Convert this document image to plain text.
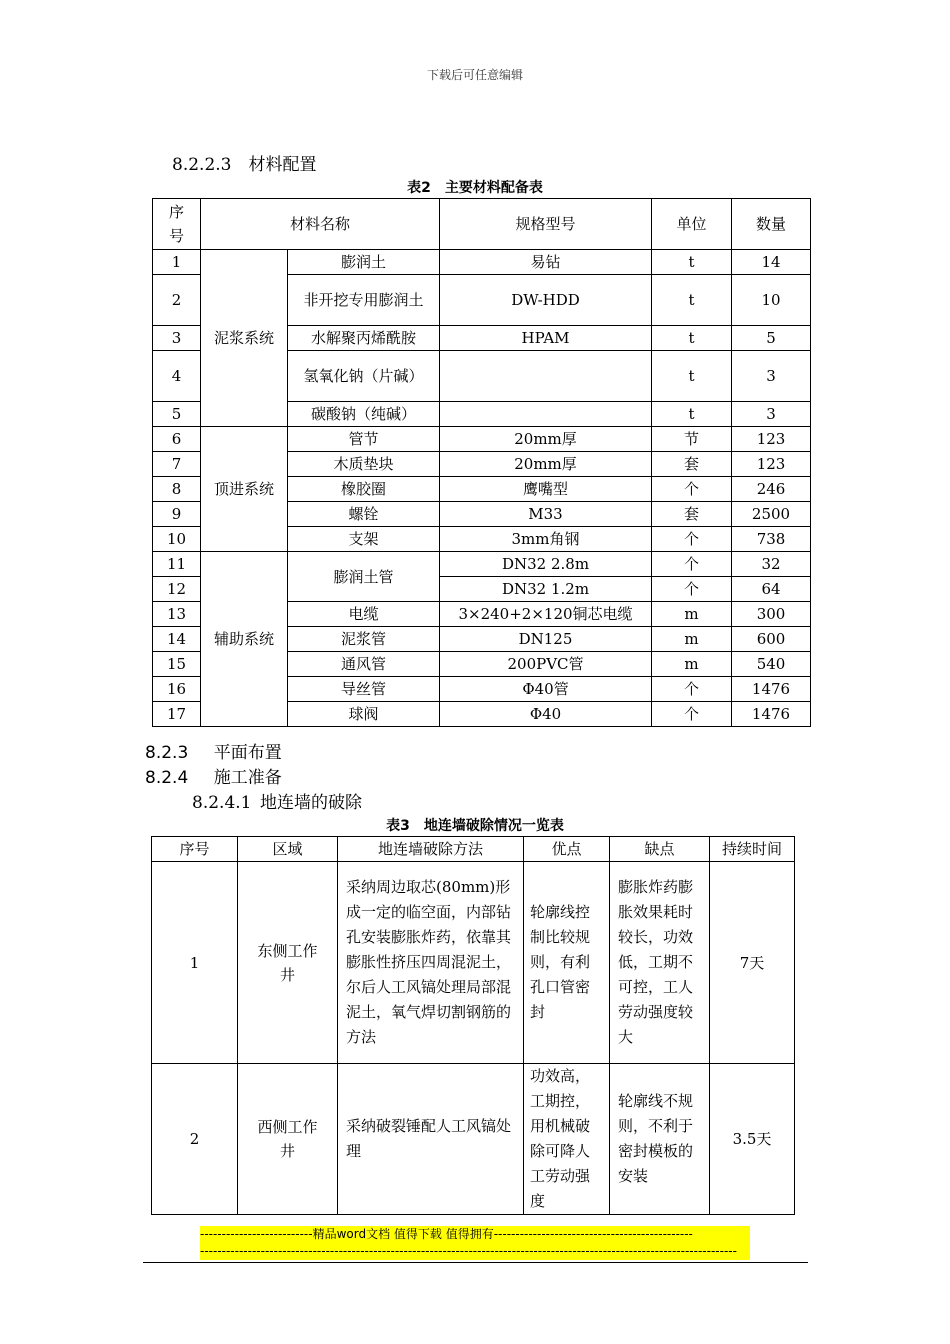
下载后可任意编辑
8.2.2.3　 材料配置
表2　主要材料配备表
序
号	材料名称		规格型号	单位	数量
1	泥浆系统	膨润土	易钻	t	14
2		非开挖专用膨润土	DW-HDD	t	10
3		水解聚丙烯酰胺	HPAM	t	5
4		氢氧化钠（片碱）		t	3
5		碳酸钠（纯碱）		t	3
6	顶进系统	管节	20mm厚	节	123
7		木质垫块	20mm厚	套	123
8		橡胶圈	鹰嘴型	个	246
9		螺铨	M33	套	2500
10		支架	3mm角钢	个	738
11	辅助系统	膨润土管	DN32 2.8m	个	32
12			DN32 1.2m	个	64
13		电缆	3×240+2×120铜芯电缆	m	300
14		泥浆管	DN125	m	600
15		通风管	200PVC管	m	540
16		导丝管	Φ40管	个	1476
17		球阀	Φ40	个	1476
8.2.3　  平面布置
8.2.4　  施工准备
8.2.4.1  地连墙的破除
表3　地连墙破除情况一览表
序号	区域	地连墙破除方法	优点	缺点	持续时间
1	东侧工作井	采纳周边取芯(80mm)形成一定的临空面，内部钻孔安装膨胀炸药，依靠其膨胀性挤压四周混泥土，尔后人工风镐处理局部混泥土，氧气焊切割钢筋的方法	轮廓线控制比较规则，有利孔口管密封	膨胀炸药膨胀效果耗时较长，功效低，工期不可控，工人劳动强度较大	7天
2	西侧工作井	采纳破裂锤配人工风镐处理	功效高，工期控，用机械破除可降人工劳动强度	轮廓线不规则，不利于密封模板的安装	3.5天
--------------------------精品word文档 值得下载 值得拥有----------------------------------------------
----------------------------------------------------------------------------------------------------------------------------
